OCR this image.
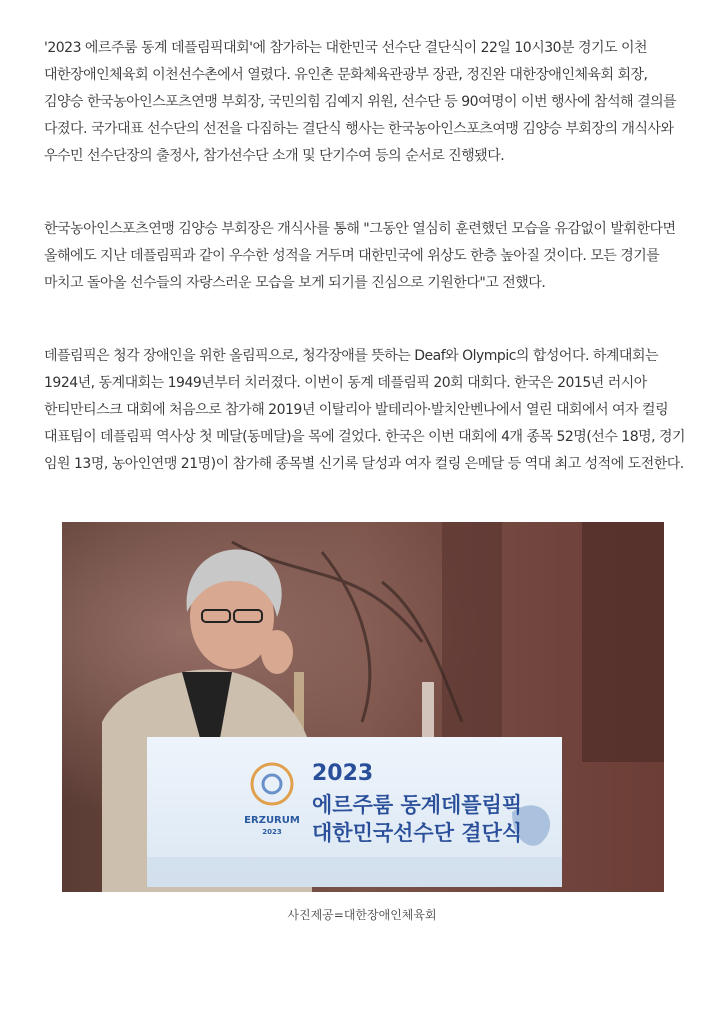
'2023 에르주룸 동계 데플림픽대회'에 참가하는 대한민국 선수단 결단식이 22일 10시30분 경기도 이천 대한장애인체육회 이천선수촌에서 열렸다. 유인촌 문화체육관광부 장관, 정진완 대한장애인체육회 회장, 김양승 한국농아인스포츠연맹 부회장, 국민의힘 김예지 위원, 선수단 등 90여명이 이번 행사에 참석해 결의를 다졌다. 국가대표 선수단의 선전을 다짐하는 결단식 행사는 한국농아인스포츠여맹 김양승 부회장의 개식사와 우수민 선수단장의 출정사, 참가선수단 소개 및 단기수여 등의 순서로 진행됐다.

한국농아인스포츠연맹 김양승 부회장은 개식사를 통해 "그동안 열심히 훈련했던 모습을 유감없이 발휘한다면 올해에도 지난 데플림픽과 같이 우수한 성적을 거두며 대한민국에 위상도 한층 높아질 것이다. 모든 경기를 마치고 돌아올 선수들의 자랑스러운 모습을 보게 되기를 진심으로 기원한다"고 전했다.

데플림픽은 청각 장애인을 위한 올림픽으로, 청각장애를 뜻하는 Deaf와 Olympic의 합성어다. 하계대회는 1924년, 동계대회는 1949년부터 치러졌다. 이번이 동계 데플림픽 20회 대회다. 한국은 2015년 러시아 한티만티스크 대회에 처음으로 참가해 2019년 이탈리아 발테리아·발치안벤나에서 열린 대회에서 여자 컬링 대표팀이 데플림픽 역사상 첫 메달(동메달)을 목에 걸었다. 한국은 이번 대회에 4개 종목 52명(선수 18명, 경기 임원 13명, 농아인연맹 21명)이 참가해 종목별 신기록 달성과 여자 컬링 은메달 등 역대 최고 성적에 도전한다.

ERZURUM
2023
2023
에르주룸 동계데플림픽
대한민국선수단 결단식
사진제공=대한장애인체육회
